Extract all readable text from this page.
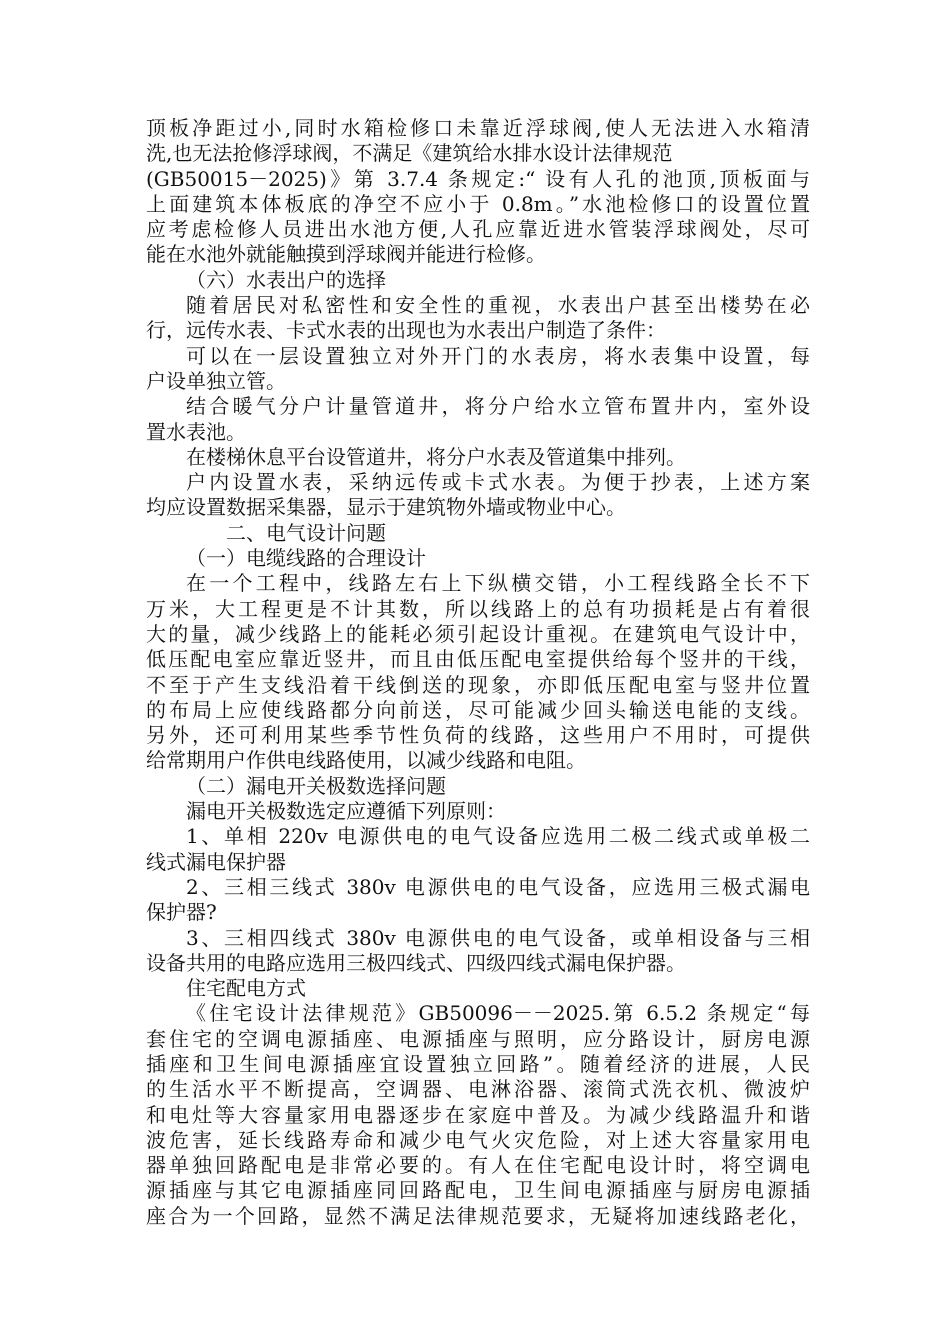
顶板净距过小,同时水箱检修口未靠近浮球阀,使人无法进入水箱清
洗,也无法抢修浮球阀，不满足《建筑给水排水设计法律规范
(GB50015－2025)》第 3.7.4 条规定:“ 设有人孔的池顶,顶板面与
上面建筑本体板底的净空不应小于 0.8m。”水池检修口的设置位置
应考虑检修人员进出水池方便,人孔应靠近进水管装浮球阀处，尽可
能在水池外就能触摸到浮球阀并能进行检修。
（六）水表出户的选择
随着居民对私密性和安全性的重视，水表出户甚至出楼势在必
行，远传水表、卡式水表的出现也为水表出户制造了条件：
可以在一层设置独立对外开门的水表房，将水表集中设置，每
户设单独立管。
结合暖气分户计量管道井，将分户给水立管布置井内，室外设
置水表池。
在楼梯休息平台设管道井，将分户水表及管道集中排列。
户内设置水表，采纳远传或卡式水表。为便于抄表，上述方案
均应设置数据采集器，显示于建筑物外墙或物业中心。
二、电气设计问题
（一）电缆线路的合理设计
在一个工程中，线路左右上下纵横交错，小工程线路全长不下
万米，大工程更是不计其数，所以线路上的总有功损耗是占有着很
大的量，减少线路上的能耗必须引起设计重视。在建筑电气设计中，
低压配电室应靠近竖井，而且由低压配电室提供给每个竖井的干线，
不至于产生支线沿着干线倒送的现象，亦即低压配电室与竖井位置
的布局上应使线路都分向前送，尽可能减少回头输送电能的支线。
另外，还可利用某些季节性负荷的线路，这些用户不用时，可提供
给常期用户作供电线路使用，以减少线路和电阻。
（二）漏电开关极数选择问题
漏电开关极数选定应遵循下列原则：
1、单相 220v 电源供电的电气设备应选用二极二线式或单极二
线式漏电保护器
2、三相三线式 380v 电源供电的电气设备，应选用三极式漏电
保护器?
3、三相四线式 380v 电源供电的电气设备，或单相设备与三相
设备共用的电路应选用三极四线式、四级四线式漏电保护器。
住宅配电方式
《住宅设计法律规范》GB50096－－2025.第 6.5.2 条规定“每
套住宅的空调电源插座、电源插座与照明，应分路设计，厨房电源
插座和卫生间电源插座宜设置独立回路”。随着经济的进展，人民
的生活水平不断提高，空调器、电淋浴器、滚筒式洗衣机、微波炉
和电灶等大容量家用电器逐步在家庭中普及。为减少线路温升和谐
波危害，延长线路寿命和减少电气火灾危险，对上述大容量家用电
器单独回路配电是非常必要的。有人在住宅配电设计时，将空调电
源插座与其它电源插座同回路配电，卫生间电源插座与厨房电源插
座合为一个回路，显然不满足法律规范要求，无疑将加速线路老化，
